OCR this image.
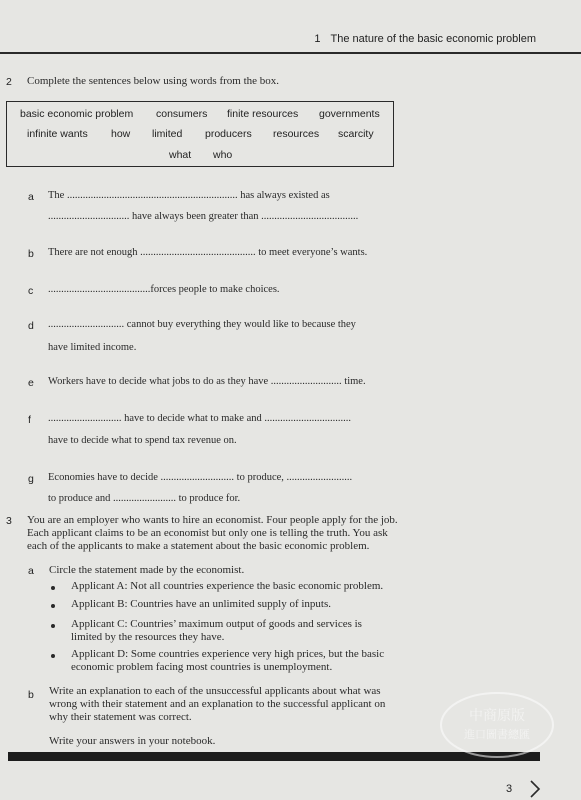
1 The nature of the basic economic problem
2 Complete the sentences below using words from the box.
basic economic problem consumers finite resources governments
infinite wants how limited producers resources scarcity
what who
a The ................................................................. has always existed as
............................... have always been greater than .....................................
b There are not enough ............................................ to meet everyone’s wants.
c .......................................forces people to make choices.
d ............................. cannot buy everything they would like to because they
have limited income.
e Workers have to decide what jobs to do as they have ........................... time.
f ............................ have to decide what to make and .................................
have to decide what to spend tax revenue on.
g Economies have to decide ............................ to produce, .........................
to produce and ........................ to produce for.
3 You are an employer who wants to hire an economist. Four people apply for the job.
Each applicant claims to be an economist but only one is telling the truth. You ask
each of the applicants to make a statement about the basic economic problem.
a Circle the statement made by the economist.
Applicant A: Not all countries experience the basic economic problem.
Applicant B: Countries have an unlimited supply of inputs.
Applicant C: Countries’ maximum output of goods and services is
limited by the resources they have.
Applicant D: Some countries experience very high prices, but the basic
economic problem facing most countries is unemployment.
b Write an explanation to each of the unsuccessful applicants about what was
wrong with their statement and an explanation to the successful applicant on
why their statement was correct.
Write your answers in your notebook.
3
中商原版
進口圖書總匯
